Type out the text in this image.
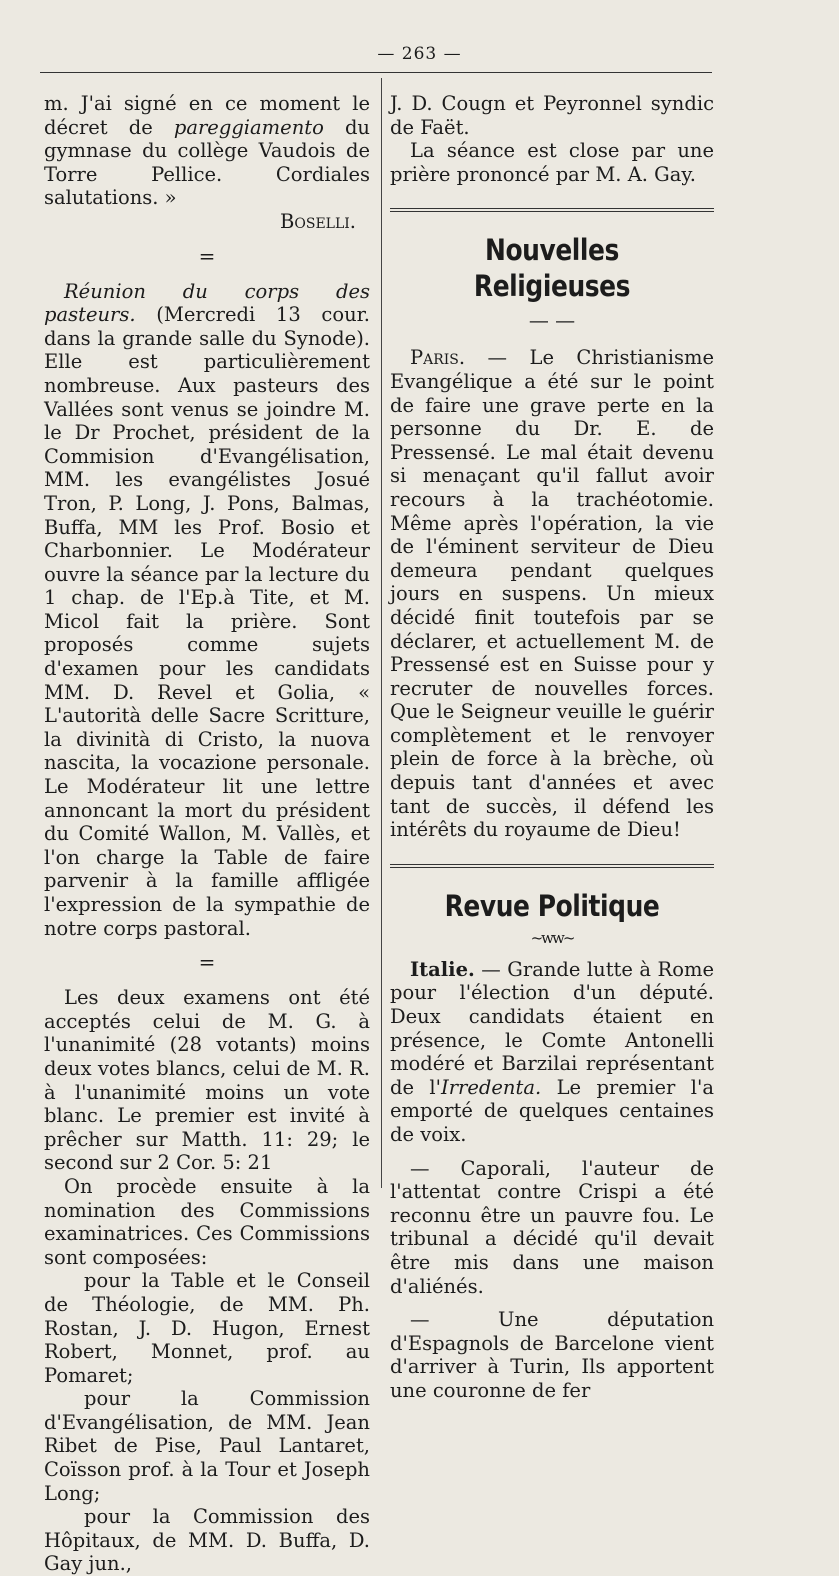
— 263 —

m. J'ai signé en ce moment le décret de pareggiamento du gymnase du collège Vaudois de Torre Pellice. Cordiales salutations. »

Boselli.

=

Réunion du corps des pasteurs. (Mercredi 13 cour. dans la grande salle du Synode). Elle est particulièrement nombreuse. Aux pasteurs des Vallées sont venus se joindre M. le Dr Prochet, président de la Commision d'Evangélisation, MM. les evangélistes Josué Tron, P. Long, J. Pons, Balmas, Buffa, MM les Prof. Bosio et Charbonnier. Le Modérateur ouvre la séance par la lecture du 1 chap. de l'Ep.à Tite, et M. Micol fait la prière. Sont proposés comme sujets d'examen pour les candidats MM. D. Revel et Golia, « L'autorità delle Sacre Scritture, la divinità di Cristo, la nuova nascita, la vocazione personale. Le Modérateur lit une lettre annoncant la mort du président du Comité Wallon, M. Vallès, et l'on charge la Table de faire parvenir à la famille affligée l'expression de la sympathie de notre corps pastoral.

=

Les deux examens ont été acceptés celui de M. G. à l'unanimité (28 votants) moins deux votes blancs, celui de M. R. à l'unanimité moins un vote blanc. Le premier est invité à prêcher sur Matth. 11: 29; le second sur 2 Cor. 5: 21

On procède ensuite à la nomination des Commissions examinatrices. Ces Commissions sont composées:

pour la Table et le Conseil de Théologie, de MM. Ph. Rostan, J. D. Hugon, Ernest Robert, Monnet, prof. au Pomaret;

pour la Commission d'Evangélisation, de MM. Jean Ribet de Pise, Paul Lantaret, Coïsson prof. à la Tour et Joseph Long;

pour la Commission des Hôpitaux, de MM. D. Buffa, D. Gay jun.,

J. D. Cougn et Peyronnel syndic de Faët.

La séance est close par une prière prononcé par M. A. Gay.

Nouvelles Religieuses
— —

Paris. — Le Christianisme Evangélique a été sur le point de faire une grave perte en la personne du Dr. E. de Pressensé. Le mal était devenu si menaçant qu'il fallut avoir recours à la trachéotomie. Même après l'opération, la vie de l'éminent serviteur de Dieu demeura pendant quelques jours en suspens. Un mieux décidé finit toutefois par se déclarer, et actuellement M. de Pressensé est en Suisse pour y recruter de nouvelles forces. Que le Seigneur veuille le guérir complètement et le renvoyer plein de force à la brèche, où depuis tant d'années et avec tant de succès, il défend les intérêts du royaume de Dieu!

Revue Politique
~ww~

Italie. — Grande lutte à Rome pour l'élection d'un député. Deux candidats étaient en présence, le Comte Antonelli modéré et Barzilai représentant de l'Irredenta. Le premier l'a emporté de quelques centaines de voix.

— Caporali, l'auteur de l'attentat contre Crispi a été reconnu être un pauvre fou. Le tribunal a décidé qu'il devait être mis dans une maison d'aliénés.

— Une députation d'Espagnols de Barcelone vient d'arriver à Turin, Ils apportent une couronne de fer
